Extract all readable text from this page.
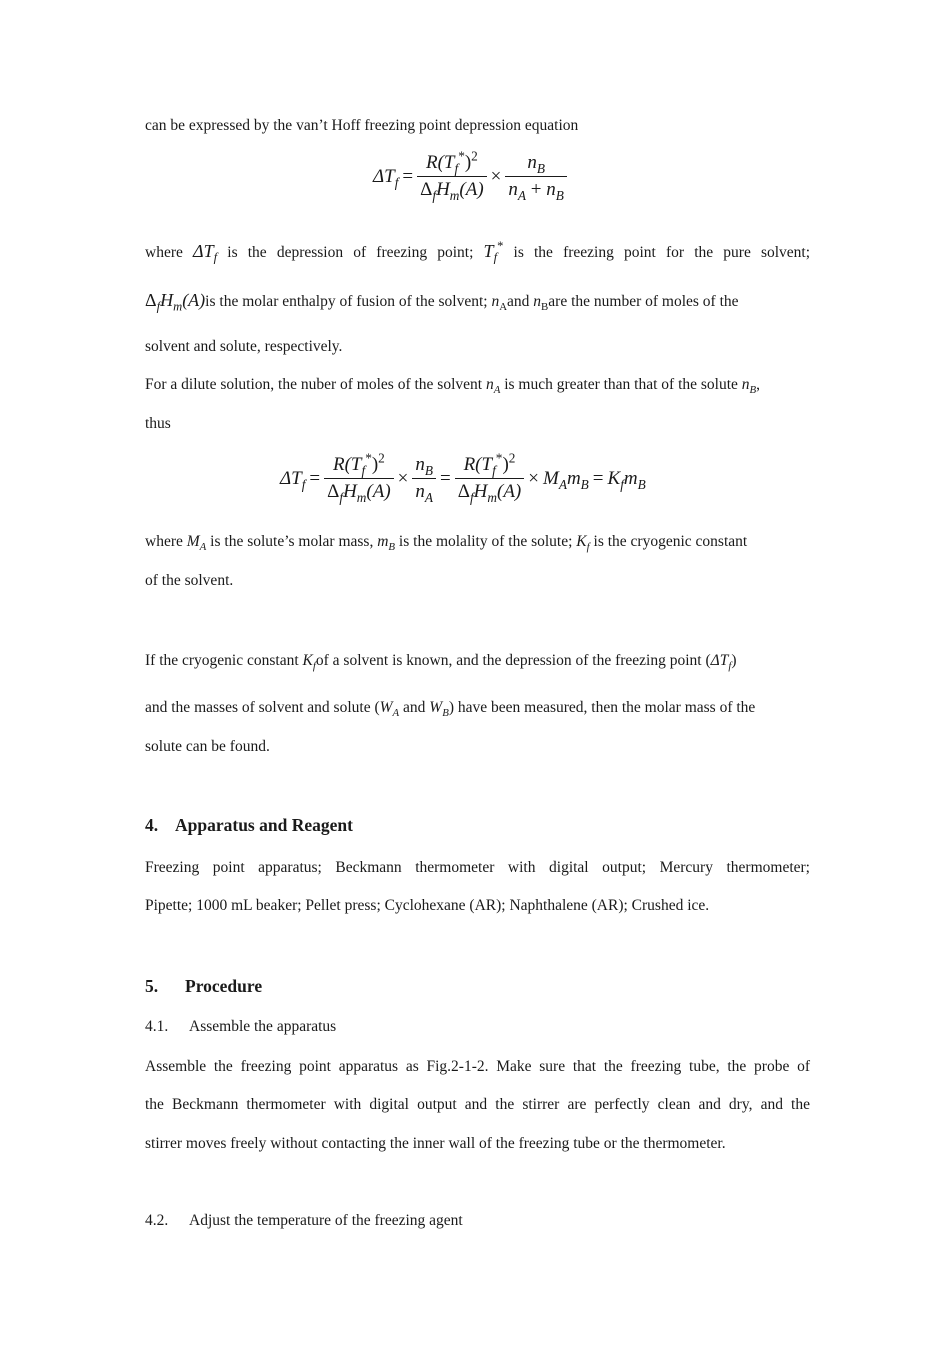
can be expressed by the van’t Hoff freezing point depression equation
$\Delta T_f = \frac{R(T_f^*)^2}{\Delta_fH_m(A)} \times \frac{n_B}{n_A + n_B}$
where $\Delta T_f$ is the depression of freezing point; $T_f^*$ is the freezing point for the pure solvent;
$\Delta_fH_m(A)is$ the molar enthalpy of fusion of the solvent; $n_Aand$ $n_Bare$ the number of moles of the
solvent and solute, respectively.
For a dilute solution, the nuber of moles of the solvent $n_A$ is much greater than that of the solute $n_B$,
thus
$\Delta T_f = \frac{R(T_f^*)^2}{\Delta_fH_m(A)} \times \frac{n_B}{n_A} = \frac{R(T_f^*)^2}{\Delta_fH_m(A)} \times M_Am_B = K_fm_B$
where $M_A$ is the solute’s molar mass, $m_B$ is the molality of the solute; $K_f$ is the cryogenic constant
of the solvent.
If the cryogenic constant $K_fof$ a solvent is known, and the depression of the freezing point $(\Delta T_f)$
and the masses of solvent and solute ($W_A$ and $W_B$) have been measured, then the molar mass of the
solute can be found.
4. Apparatus and Reagent
Freezing point apparatus; Beckmann thermometer with digital output; Mercury thermometer;
Pipette; 1000 mL beaker; Pellet press; Cyclohexane (AR); Naphthalene (AR); Crushed ice.
5. Procedure
4.1. Assemble the apparatus
Assemble the freezing point apparatus as Fig.2-1-2. Make sure that the freezing tube, the probe of
the Beckmann thermometer with digital output and the stirrer are perfectly clean and dry, and the
stirrer moves freely without contacting the inner wall of the freezing tube or the thermometer.
4.2. Adjust the temperature of the freezing agent
